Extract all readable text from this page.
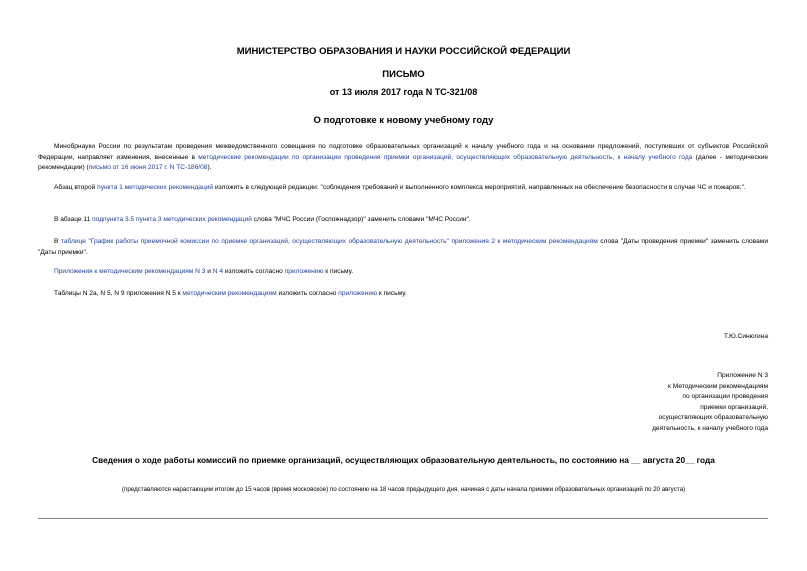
МИНИСТЕРСТВО ОБРАЗОВАНИЯ И НАУКИ РОССИЙСКОЙ ФЕДЕРАЦИИ
ПИСЬМО
от 13 июля 2017 года N ТС-321/08
О подготовке к новому учебному году
Минобрнауки России по результатам проведения межведомственного совещания по подготовке образовательных организаций к началу учебного года и на основании предложений, поступивших от субъектов Российской Федерации, направляет изменения, внесенные в методические рекомендации по организации проведения приемки организаций, осуществляющих образовательную деятельность, к началу учебного года (далее - методические рекомендации) (письмо от 16 июня 2017 г. N ТС-186/08).
Абзац второй пункта 1 методических рекомендаций изложить в следующей редакции: "соблюдения требований и выполненного комплекса мероприятий, направленных на обеспечение безопасности в случае ЧС и пожаров;".
В абзаце 11 подпункта 3.5 пункта 3 методических рекомендаций слова "МЧС России (Госпожнадзор)" заменить словами "МЧС России".
В таблице "График работы приемочной комиссии по приемке организаций, осуществляющих образовательную деятельность" приложения 2 к методическим рекомендациям слова "Даты проведения приемки" заменить словами "Даты приемки".
Приложения к методическим рекомендациям N 3 и N 4 изложить согласно приложению к письму.
Таблицы N 2а, N 5, N 9 приложения N 5 к методическим рекомендациям изложить согласно приложению к письму.
Т.Ю.Синюгина
Приложение N 3
к Методическим рекомендациям
по организации проведения
приемки организаций,
осуществляющих образовательную
деятельность, к началу учебного года
Сведения о ходе работы комиссий по приемке организаций, осуществляющих образовательную деятельность, по состоянию на __ августа 20__ года
(представляются нарастающим итогом до 15 часов (время московское) по состоянию на 18 часов предыдущего дня, начиная с даты начала приемки образовательных организаций по 20 августа)
